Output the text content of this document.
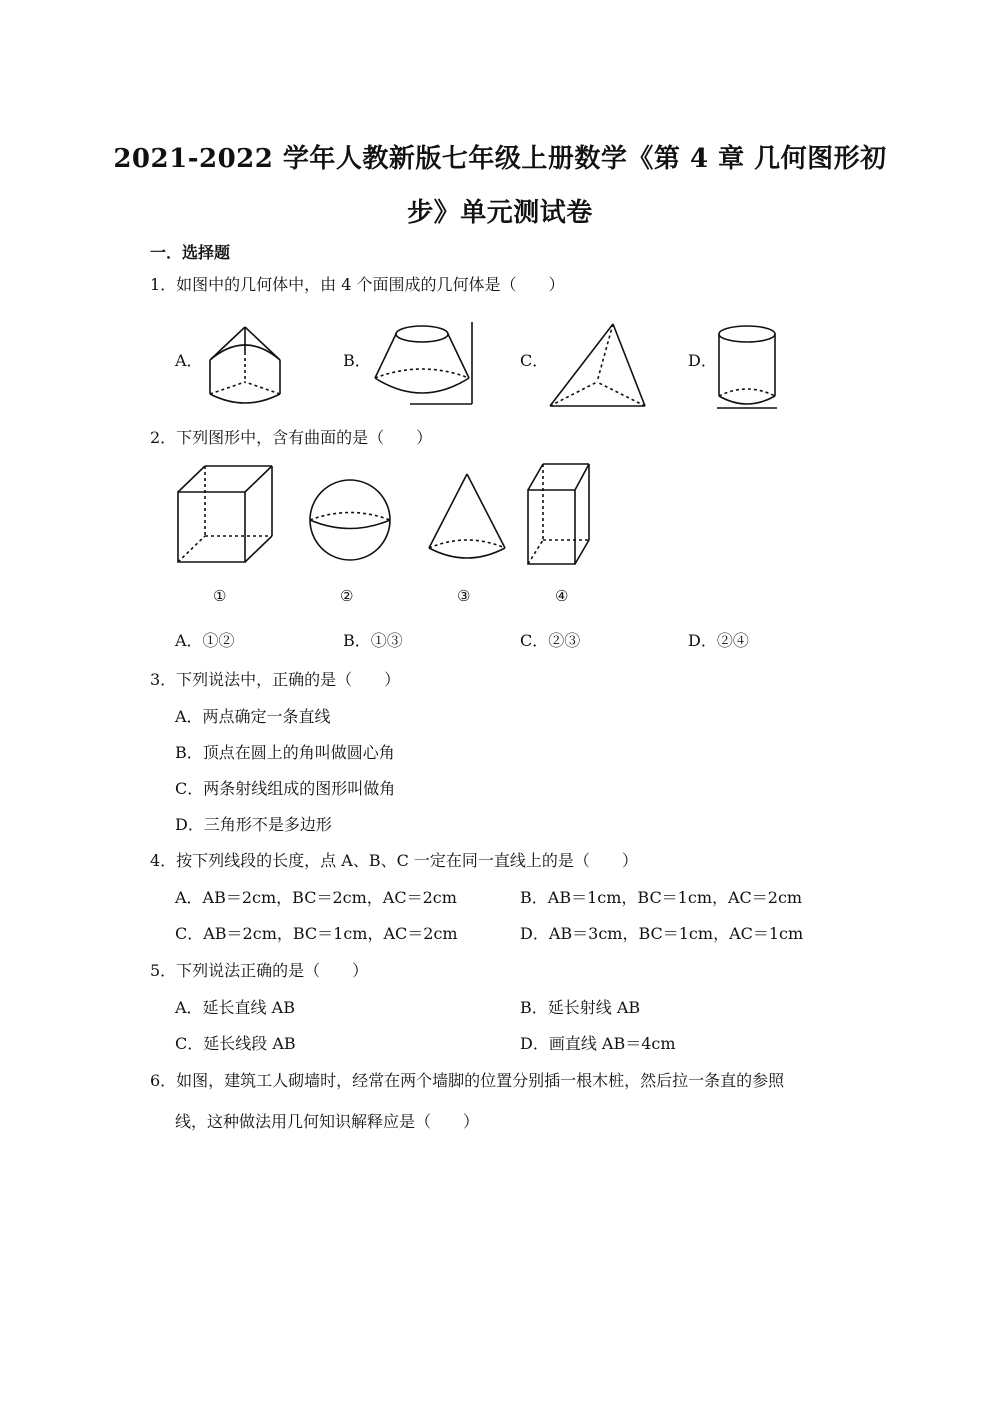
2021-2022 学年人教新版七年级上册数学《第 4 章 几何图形初
步》单元测试卷
一．选择题
1．如图中的几何体中，由 4 个面围成的几何体是（　　）
A．	B．	C．	D．
2．下列图形中，含有曲面的是（　　）
①	②	③	④
A．①②	B．①③	C．②③	D．②④
3．下列说法中，正确的是（　　）
A．两点确定一条直线
B．顶点在圆上的角叫做圆心角
C．两条射线组成的图形叫做角
D．三角形不是多边形
4．按下列线段的长度，点 A、B、C 一定在同一直线上的是（　　）
A．AB＝2cm，BC＝2cm，AC＝2cm	B．AB＝1cm，BC＝1cm，AC＝2cm
C．AB＝2cm，BC＝1cm，AC＝2cm	D．AB＝3cm，BC＝1cm，AC＝1cm
5．下列说法正确的是（　　）
A．延长直线 AB	B．延长射线 AB
C．延长线段 AB	D．画直线 AB＝4cm
6．如图，建筑工人砌墙时，经常在两个墙脚的位置分别插一根木桩，然后拉一条直的参照
线，这种做法用几何知识解释应是（　　）
